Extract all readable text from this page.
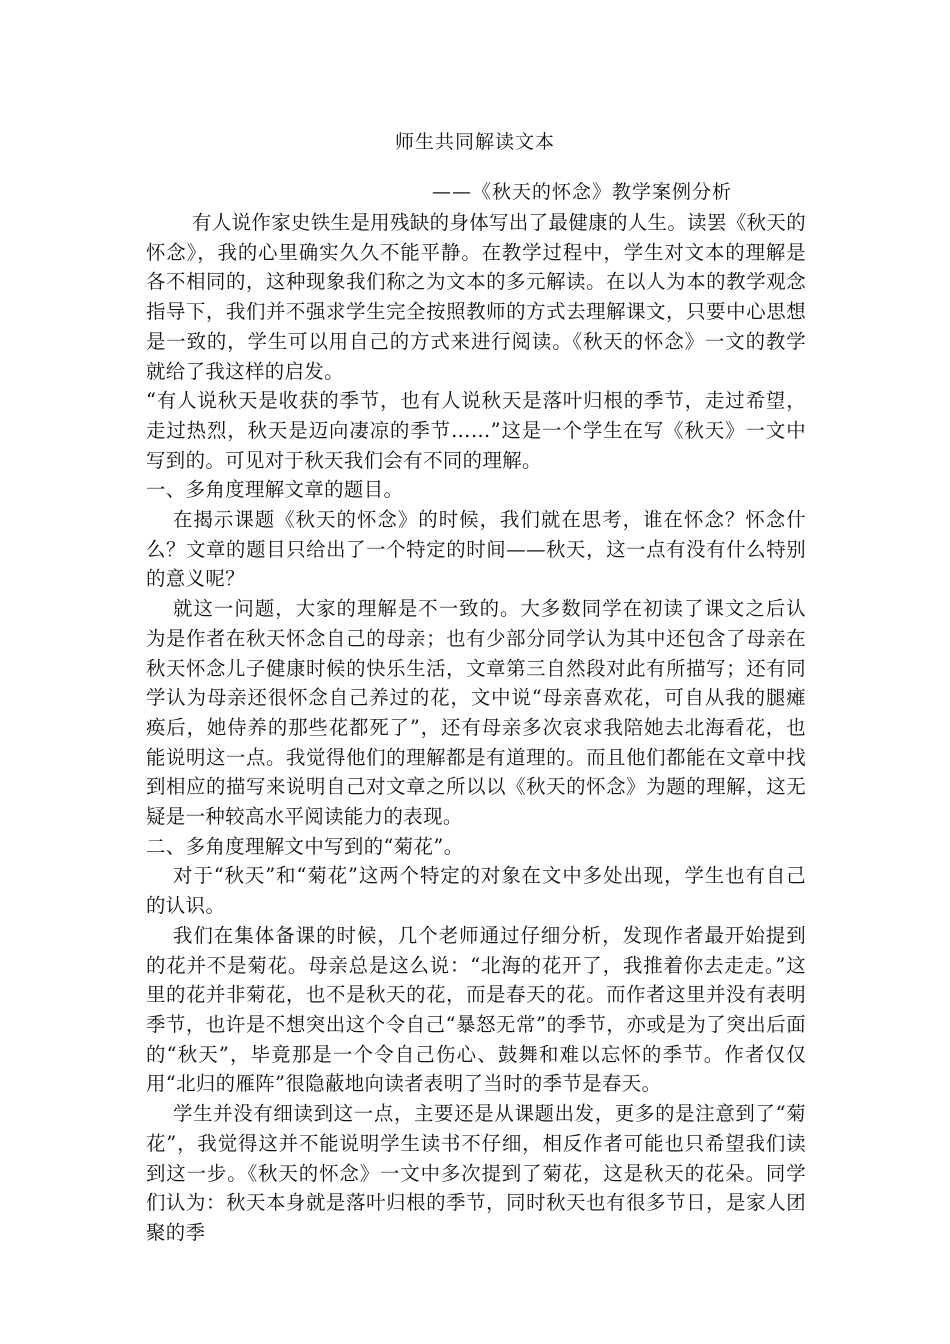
师生共同解读文本
——《秋天的怀念》教学案例分析

有人说作家史铁生是用残缺的身体写出了最健康的人生。读罢《秋天的怀念》，我的心里确实久久不能平静。在教学过程中，学生对文本的理解是各不相同的，这种现象我们称之为文本的多元解读。在以人为本的教学观念指导下，我们并不强求学生完全按照教师的方式去理解课文，只要中心思想是一致的，学生可以用自己的方式来进行阅读。《秋天的怀念》一文的教学就给了我这样的启发。

“有人说秋天是收获的季节，也有人说秋天是落叶归根的季节，走过希望，走过热烈，秋天是迈向凄凉的季节……”这是一个学生在写《秋天》一文中写到的。可见对于秋天我们会有不同的理解。

一、多角度理解文章的题目。

在揭示课题《秋天的怀念》的时候，我们就在思考，谁在怀念？怀念什么？文章的题目只给出了一个特定的时间——秋天，这一点有没有什么特别的意义呢？

就这一问题，大家的理解是不一致的。大多数同学在初读了课文之后认为是作者在秋天怀念自己的母亲；也有少部分同学认为其中还包含了母亲在秋天怀念儿子健康时候的快乐生活，文章第三自然段对此有所描写；还有同学认为母亲还很怀念自己养过的花，文中说“母亲喜欢花，可自从我的腿瘫痪后，她侍养的那些花都死了”，还有母亲多次哀求我陪她去北海看花，也能说明这一点。我觉得他们的理解都是有道理的。而且他们都能在文章中找到相应的描写来说明自己对文章之所以以《秋天的怀念》为题的理解，这无疑是一种较高水平阅读能力的表现。

二、多角度理解文中写到的“菊花”。

对于“秋天”和“菊花”这两个特定的对象在文中多处出现，学生也有自己的认识。

我们在集体备课的时候，几个老师通过仔细分析，发现作者最开始提到的花并不是菊花。母亲总是这么说：“北海的花开了，我推着你去走走。”这里的花并非菊花，也不是秋天的花，而是春天的花。而作者这里并没有表明季节，也许是不想突出这个令自己“暴怒无常”的季节，亦或是为了突出后面的“秋天”，毕竟那是一个令自己伤心、鼓舞和难以忘怀的季节。作者仅仅用“北归的雁阵”很隐蔽地向读者表明了当时的季节是春天。

学生并没有细读到这一点，主要还是从课题出发，更多的是注意到了“菊花”，我觉得这并不能说明学生读书不仔细，相反作者可能也只希望我们读到这一步。《秋天的怀念》一文中多次提到了菊花，这是秋天的花朵。同学们认为：秋天本身就是落叶归根的季节，同时秋天也有很多节日，是家人团聚的季
